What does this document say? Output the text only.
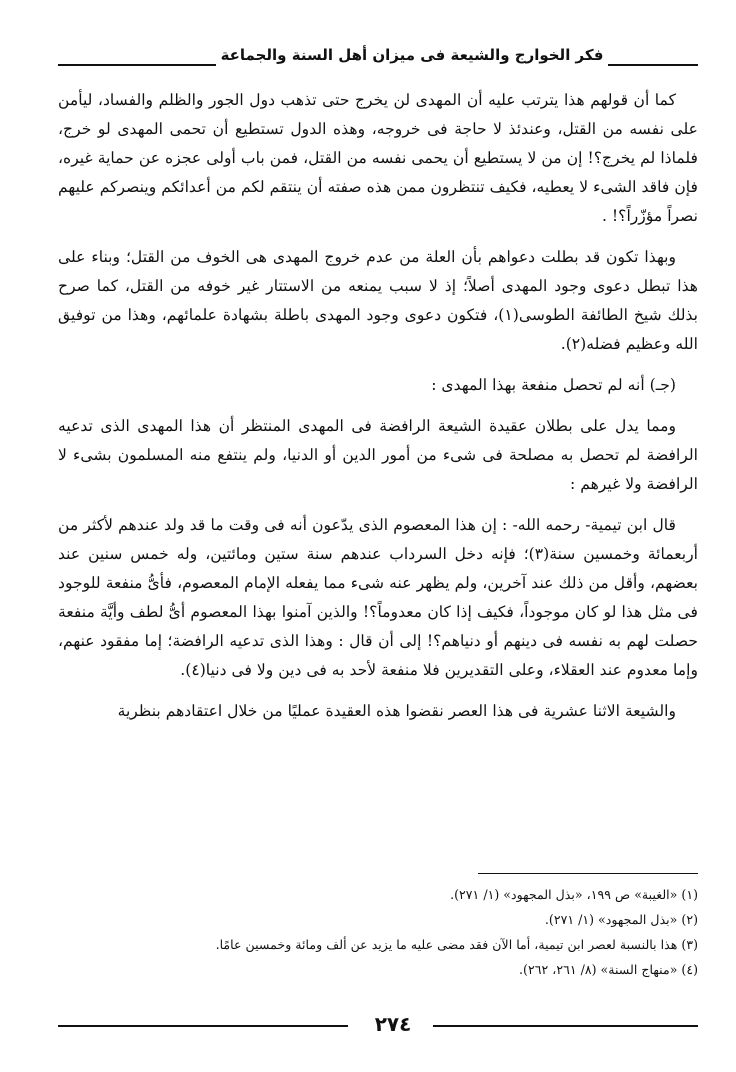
فكر الخوارج والشيعة فى ميزان أهل السنة والجماعة

كما أن قولهم هذا يترتب عليه أن المهدى لن يخرج حتى تذهب دول الجور والظلم والفساد، ليأمن على نفسه من القتل، وعندئذ لا حاجة فى خروجه، وهذه الدول تستطيع أن تحمى المهدى لو خرج، فلماذا لم يخرج؟! إن من لا يستطيع أن يحمى نفسه من القتل، فمن باب أولى عجزه عن حماية غيره، فإن فاقد الشىء لا يعطيه، فكيف تنتظرون ممن هذه صفته أن ينتقم لكم من أعدائكم وينصركم عليهم نصراً مؤزّراً؟! .

وبهذا تكون قد بطلت دعواهم بأن العلة من عدم خروج المهدى هى الخوف من القتل؛ وبناء على هذا تبطل دعوى وجود المهدى أصلاً؛ إذ لا سبب يمنعه من الاستتار غير خوفه من القتل، كما صرح بذلك شيخ الطائفة الطوسى(١)، فتكون دعوى وجود المهدى باطلة بشهادة علمائهم، وهذا من توفيق الله وعظيم فضله(٢).

(جـ) أنه لم تحصل منفعة بهذا المهدى :

ومما يدل على بطلان عقيدة الشيعة الرافضة فى المهدى المنتظر أن هذا المهدى الذى تدعيه الرافضة لم تحصل به مصلحة فى شىء من أمور الدين أو الدنيا، ولم ينتفع منه المسلمون بشىء لا الرافضة ولا غيرهم :

قال ابن تيمية- رحمه الله- : إن هذا المعصوم الذى يدّعون أنه فى وقت ما قد ولد عندهم لأكثر من أربعمائة وخمسين سنة(٣)؛ فإنه دخل السرداب عندهم سنة ستين ومائتين، وله خمس سنين عند بعضهم، وأقل من ذلك عند آخرين، ولم يظهر عنه شىء مما يفعله الإمام المعصوم، فأىُّ منفعة للوجود فى مثل هذا لو كان موجوداً، فكيف إذا كان معدوماً؟! والذين آمنوا بهذا المعصوم أىُّ لطف وأيَّة منفعة حصلت لهم به نفسه فى دينهم أو دنياهم؟! إلى أن قال : وهذا الذى تدعيه الرافضة؛ إما مفقود عنهم، وإما معدوم عند العقلاء، وعلى التقديرين فلا منفعة لأحد به فى دين ولا فى دنيا(٤).

والشيعة الاثنا عشرية فى هذا العصر نقضوا هذه العقيدة عمليًا من خلال اعتقادهم بنظرية

(١) «الغيبة» ص ١٩٩، «بذل المجهود» (١/ ٢٧١).
(٢) «بذل المجهود» (١/ ٢٧١).
(٣) هذا بالنسبة لعصر ابن تيمية، أما الآن فقد مضى عليه ما يزيد عن ألف ومائة وخمسين عامًا.
(٤) «منهاج السنة» (٨/ ٢٦١، ٢٦٢).
٢٧٤
